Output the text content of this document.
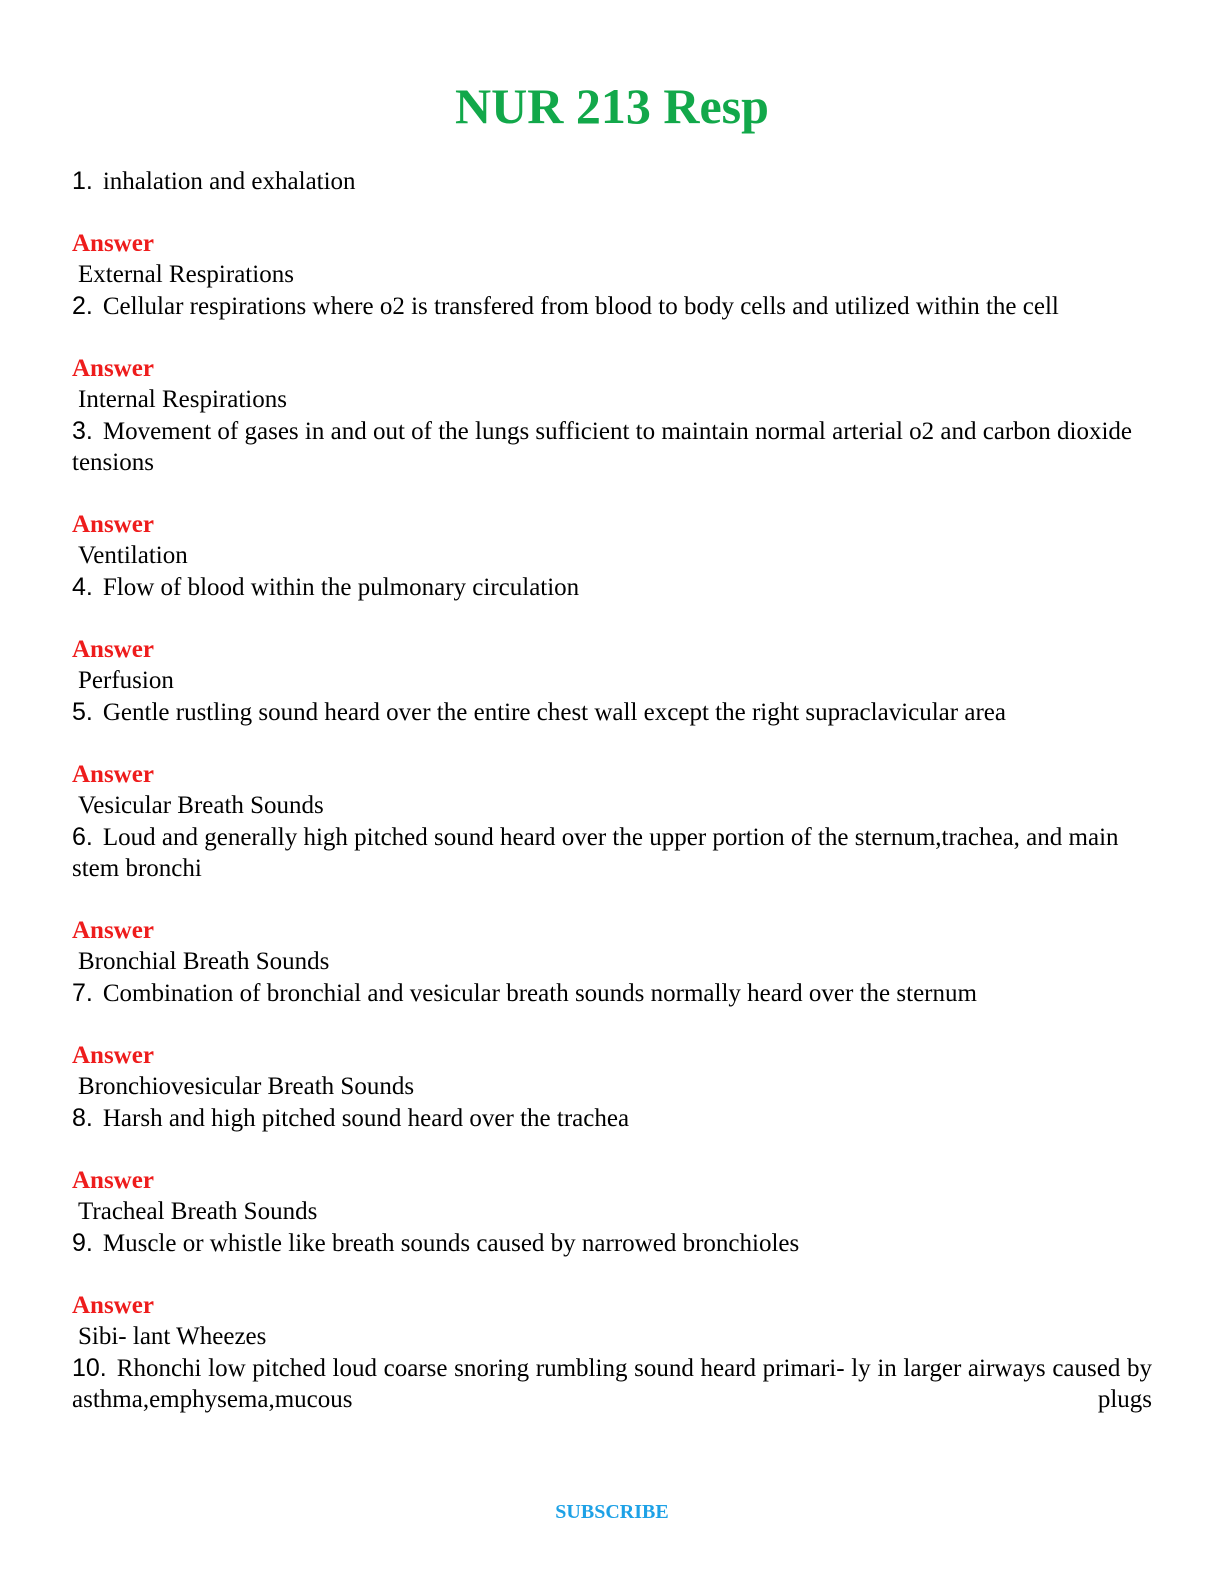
NUR 213 Resp
1. inhalation and exhalation
Answer
External Respirations
2. Cellular respirations where o2 is transfered from blood to body cells and utilized within the cell
Answer
Internal Respirations
3. Movement of gases in and out of the lungs sufficient to maintain normal arterial o2 and carbon dioxide tensions
Answer
Ventilation
4. Flow of blood within the pulmonary circulation
Answer
Perfusion
5. Gentle rustling sound heard over the entire chest wall except the right supraclavicular area
Answer
Vesicular Breath Sounds
6. Loud and generally high pitched sound heard over the upper portion of the sternum,trachea, and main stem bronchi
Answer
Bronchial Breath Sounds
7. Combination of bronchial and vesicular breath sounds normally heard over the sternum
Answer
Bronchiovesicular Breath Sounds
8. Harsh and high pitched sound heard over the trachea
Answer
Tracheal Breath Sounds
9. Muscle or whistle like breath sounds caused by narrowed bronchioles
Answer
Sibi- lant Wheezes
10. Rhonchi low pitched loud coarse snoring rumbling sound heard primari- ly in larger airways caused by asthma,emphysema,mucous plugs
SUBSCRIBE
